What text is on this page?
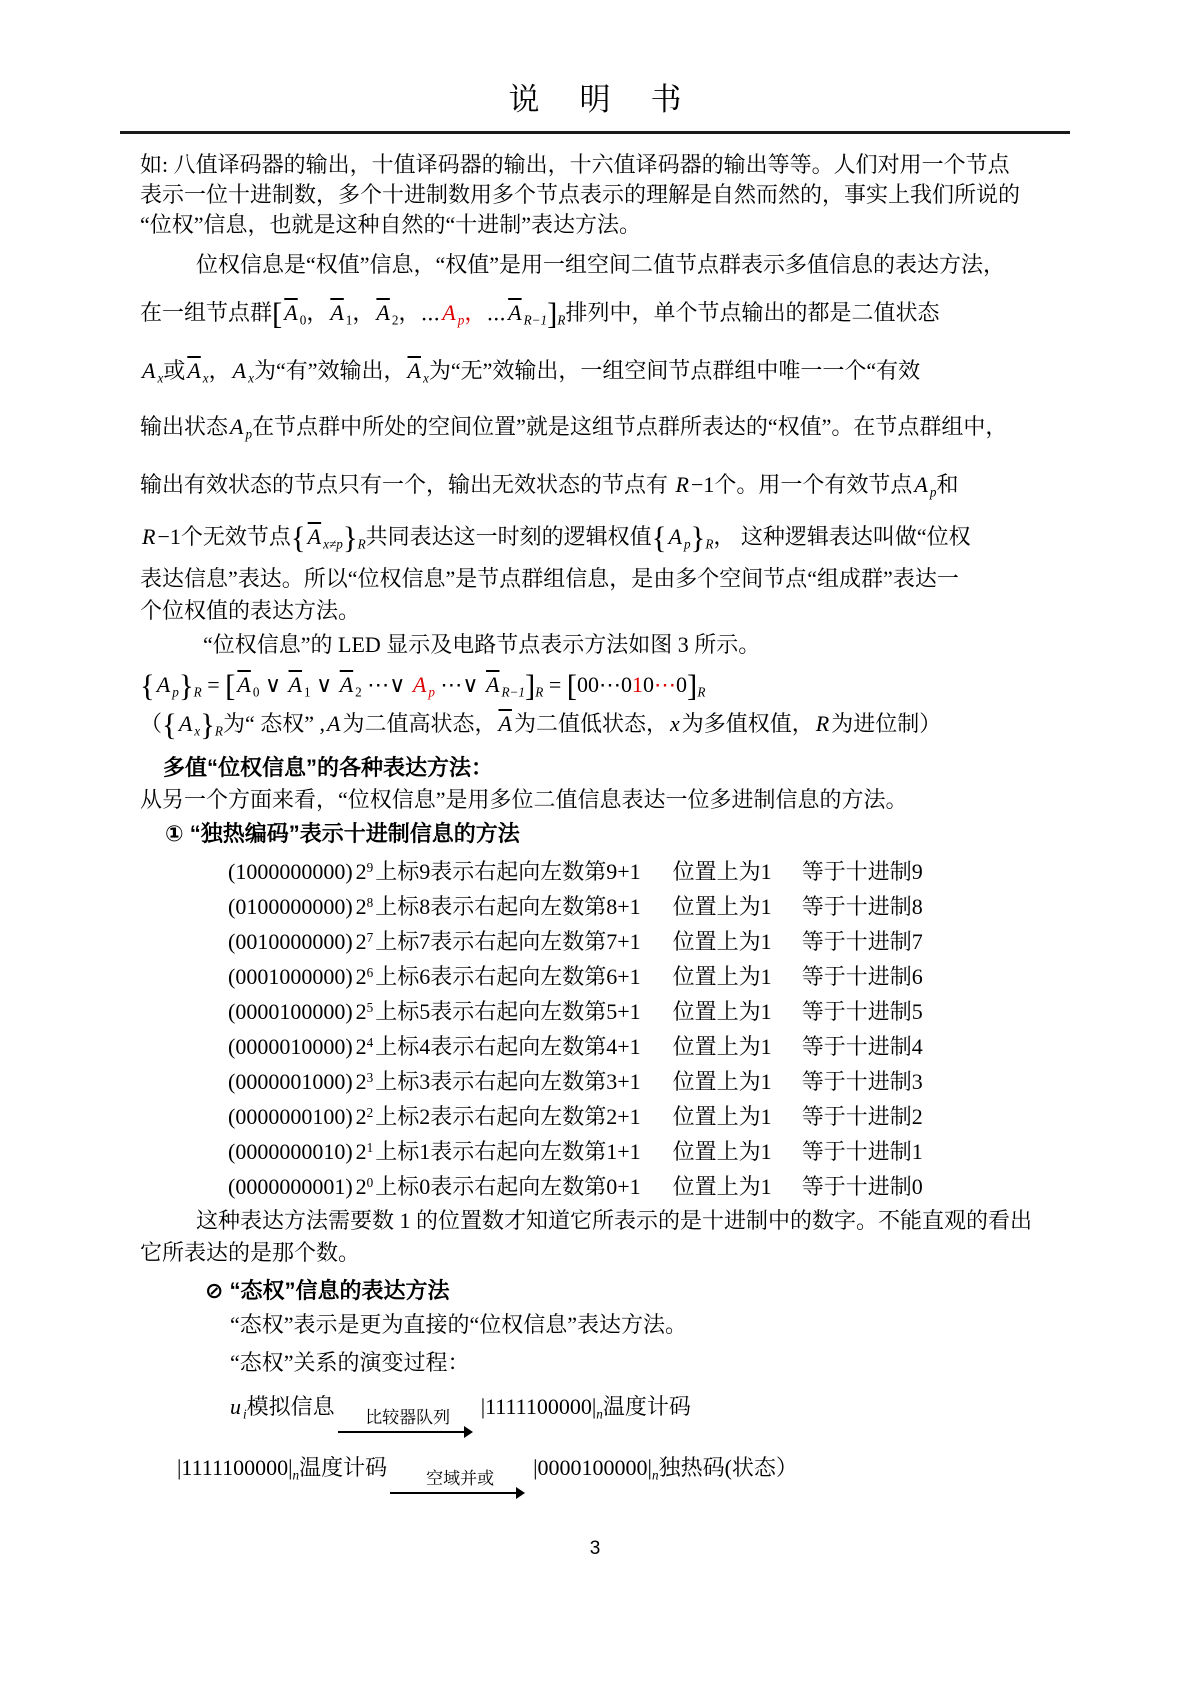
说明书
如: 八值译码器的输出，十值译码器的输出，十六值译码器的输出等等。人们对用一个节点
表示一位十进制数，多个十进制数用多个节点表示的理解是自然而然的，事实上我们所说的
“位权”信息，也就是这种自然的“十进制”表达方法。
位权信息是“权值”信息，“权值”是用一组空间二值节点群表示多值信息的表达方法，
在一组节点群[$\overline{A}$ $_0$，$\overline{A}$ $_1$，$\overline{A}$ $_2$，⋯A $_p$，$\cdots\overline{A}$ $_{R-1}]_R$排列中，单个节点输出的都是二值状态
A $_x$或$\overline{A}$ $_x$，A $_x$为“有”效输出，$\overline{A}$ $_x$为“无”效输出，一组空间节点群组中唯一一个“有效
输出状态A $_p$在节点群中所处的空间位置”就是这组节点群所表达的“权值”。在节点群组中，
输出有效状态的节点只有一个，输出无效状态的节点有 R−1个。用一个有效节点A $_p$和
R−1个无效节点{$\overline{A}$ $_{x\ne p}\}_R$共同表达这一时刻的逻辑权值{A $_p\}_R$， 这种逻辑表达叫做“位权
表达信息”表达。所以“位权信息”是节点群组信息，是由多个空间节点“组成群”表达一
个位权值的表达方法。
“位权信息”的 LED 显示及电路节点表示方法如图 3 所示。
{A $_p\}_R = [\overline{A}$ $_0$ ∨ $\overline{A}$ $_1$ ∨ $\overline{A}$ $_2$ ⋯∨ A $_p$ ⋯∨ $\overline{A}$ $_{R-1}]_R$ = $[00\cdots 010\cdots 0]_R$
（{A $_x\}_R$为“ 态权” ,A为二值高状态，$\overline{A}$为二值低状态，x为多值权值，R为进位制）
多值“位权信息”的各种表达方法：
从另一个方面来看，“位权信息”是用多位二值信息表达一位多进制信息的方法。
① “独热编码”表示十进制信息的方法
(1000000000) $2^9$上标9表示右起向左数第9+1 位置上为1 等于十进制9
(0100000000) $2^8$上标8表示右起向左数第8+1 位置上为1 等于十进制8
(0010000000) $2^7$上标7表示右起向左数第7+1 位置上为1 等于十进制7
(0001000000) $2^6$上标6表示右起向左数第6+1 位置上为1 等于十进制6
(0000100000) $2^5$上标5表示右起向左数第5+1 位置上为1 等于十进制5
(0000010000) $2^4$上标4表示右起向左数第4+1 位置上为1 等于十进制4
(0000001000) $2^3$上标3表示右起向左数第3+1 位置上为1 等于十进制3
(0000000100) $2^2$上标2表示右起向左数第2+1 位置上为1 等于十进制2
(0000000010) $2^1$上标1表示右起向左数第1+1 位置上为1 等于十进制1
(0000000001) $2^0$上标0表示右起向左数第0+1 位置上为1 等于十进制0
这种表达方法需要数 1 的位置数才知道它所表示的是十进制中的数字。不能直观的看出
它所表达的是那个数。
⊘ “态权”信息的表达方法
“态权”表示是更为直接的“位权信息”表达方法。
“态权”关系的演变过程：
u $_i$模拟信息	比较器队列	$|1111100000|_n$温度计码
$|1111100000|_n$温度计码	空域并或	$|0000100000|_n$独热码(状态）
3
